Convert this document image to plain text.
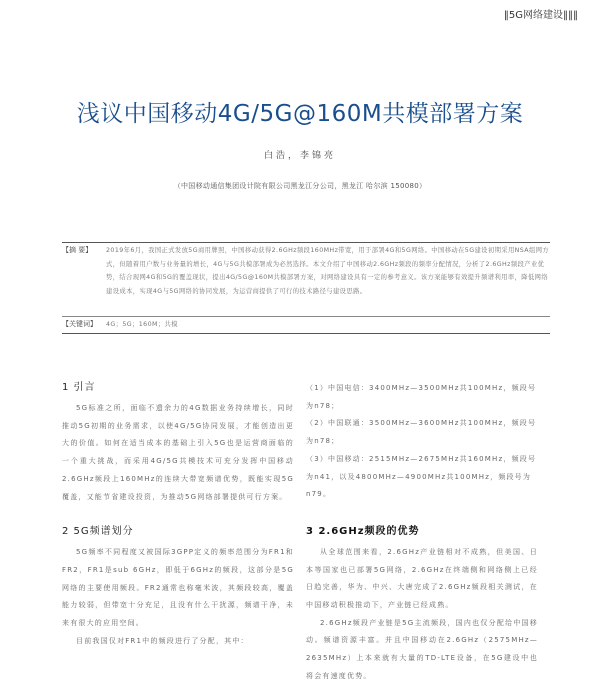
‖5G网络建设‖‖‖
浅议中国移动4G/5G@160M共模部署方案
白浩，李锦亮
（中国移动通信集团设计院有限公司黑龙江分公司，黑龙江 哈尔滨 150080）
【摘 要】	2019年6月，我国正式发放5G商用牌照，中国移动获得2.6GHz频段160MHz带宽，用于部署4G和5G网络。中国移动在5G建设初期采用NSA组网方式，但随着用户数与业务量的增长，4G与5G共模部署成为必然选择。本文介绍了中国移动2.6GHz频段的频率分配情况，分析了2.6GHz频段产业优势，结合现网4G和5G的覆盖现状，提出4G/5G@160M共模部署方案，对网络建设具有一定的参考意义。该方案能够有效提升频谱利用率，降低网络建设成本，实现4G与5G网络的协同发展，为运营商提供了可行的技术路径与建设思路。
【关键词】	4G；5G；160M；共模
1 引言

5G标准之所，面临不遗余力的4G数据业务持续增长，同时推动5G初期的业务需求，以使4G/5G协同发展，才能创造出更大的价值。如何在适当成本的基础上引入5G也是运营商面临的一个重大挑战，而采用4G/5G共模技术可充分发挥中国移动2.6GHz频段上160MHz的连续大带宽频谱优势，既能实现5G覆盖，又能节省建设投资，为推动5G网络部署提供可行方案。

2 5G频谱划分

5G频率不同程度又被国际3GPP定义的频率范围分为FR1和FR2，FR1是sub 6GHz，即低于6GHz的频段，这部分是5G网络的主要使用频段。FR2通常也称毫米波，其频段较高，覆盖能力较弱，但带宽十分充足，且没有什么干扰源，频谱干净，未来有很大的应用空间。

目前我国仅对FR1中的频段进行了分配，其中：

（1）中国电信：3400MHz—3500MHz共100MHz，频段号为n78；

（2）中国联通：3500MHz—3600MHz共100MHz，频段号为n78；

（3）中国移动：2515MHz—2675MHz共160MHz，频段号为n41，以及4800MHz—4900MHz共100MHz，频段号为n79。

3 2.6GHz频段的优势

从全球范围来看，2.6GHz产业链相对不成熟，但美国、日本等国家也已部署5G网络，2.6GHz在终端侧和网络侧上已经日趋完善，华为、中兴、大唐完成了2.6GHz频段相关测试，在中国移动积极推动下，产业链已经成熟。

2.6GHz频段产业链是5G主流频段，国内也仅分配给中国移动。频谱资源丰富。并且中国移动在2.6GHz（2575MHz—2635MHz）上本来就有大量的TD-LTE设备，在5G建设中也将会有速度优势。
